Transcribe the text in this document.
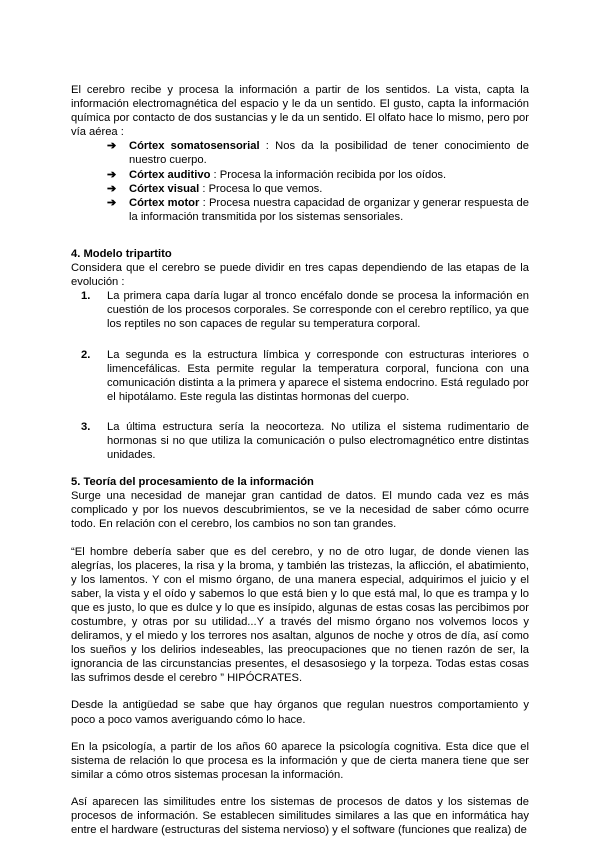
El cerebro recibe y procesa la información a partir de los sentidos. La vista, capta la información electromagnética del espacio y le da un sentido. El gusto, capta la información química por contacto de dos sustancias y le da un sentido. El olfato hace lo mismo, pero por vía aérea :

➔ Córtex somatosensorial : Nos da la posibilidad de tener conocimiento de nuestro cuerpo.
➔ Córtex auditivo : Procesa la información recibida por los oídos.
➔ Córtex visual : Procesa lo que vemos.
➔ Córtex motor : Procesa nuestra capacidad de organizar y generar respuesta de la información transmitida por los sistemas sensoriales.
4. Modelo tripartito

Considera que el cerebro se puede dividir en tres capas dependiendo de las etapas de la evolución :

1. La primera capa daría lugar al tronco encéfalo donde se procesa la información en cuestión de los procesos corporales. Se corresponde con el cerebro reptílico, ya que los reptiles no son capaces de regular su temperatura corporal.
2. La segunda es la estructura límbica y corresponde con estructuras interiores o limencefálicas. Esta permite regular la temperatura corporal, funciona con una comunicación distinta a la primera y aparece el sistema endocrino. Está regulado por el hipotálamo. Este regula las distintas hormonas del cuerpo.
3. La última estructura sería la neocorteza. No utiliza el sistema rudimentario de hormonas si no que utiliza la comunicación o pulso electromagnético entre distintas unidades.
5. Teoría del procesamiento de la información

Surge una necesidad de manejar gran cantidad de datos. El mundo cada vez es más complicado y por los nuevos descubrimientos, se ve la necesidad de saber cómo ocurre todo. En relación con el cerebro, los cambios no son tan grandes.

“El hombre debería saber que es del cerebro, y no de otro lugar, de donde vienen las alegrías, los placeres, la risa y la broma, y también las tristezas, la aflicción, el abatimiento, y los lamentos. Y con el mismo órgano, de una manera especial, adquirimos el juicio y el saber, la vista y el oído y sabemos lo que está bien y lo que está mal, lo que es trampa y lo que es justo, lo que es dulce y lo que es insípido, algunas de estas cosas las percibimos por costumbre, y otras por su utilidad...Y a través del mismo órgano nos volvemos locos y deliramos, y el miedo y los terrores nos asaltan, algunos de noche y otros de día, así como los sueños y los delirios indeseables, las preocupaciones que no tienen razón de ser, la ignorancia de las circunstancias presentes, el desasosiego y la torpeza. Todas estas cosas las sufrimos desde el cerebro ” HIPÓCRATES.

Desde la antigüedad se sabe que hay órganos que regulan nuestros comportamiento y poco a poco vamos averiguando cómo lo hace.

En la psicología, a partir de los años 60 aparece la psicología cognitiva. Esta dice que el sistema de relación lo que procesa es la información y que de cierta manera tiene que ser similar a cómo otros sistemas procesan la información.

Así aparecen las similitudes entre los sistemas de procesos de datos y los sistemas de procesos de información. Se establecen similitudes similares a las que en informática hay entre el hardware (estructuras del sistema nervioso) y el software (funciones que realiza) de
